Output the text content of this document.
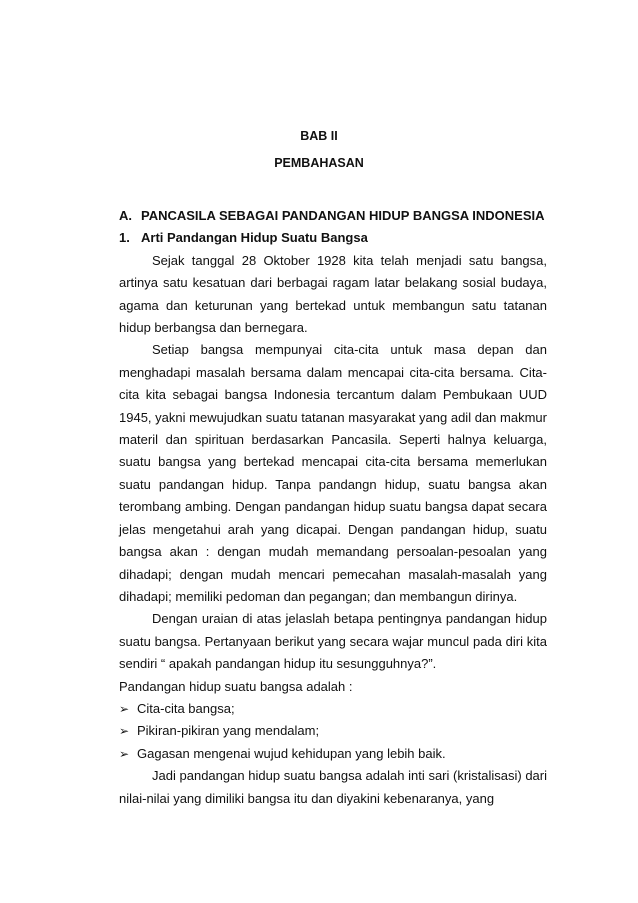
BAB II
PEMBAHASAN
A. PANCASILA SEBAGAI PANDANGAN HIDUP BANGSA INDONESIA
1. Arti Pandangan Hidup Suatu Bangsa

Sejak tanggal 28 Oktober 1928 kita telah menjadi satu bangsa, artinya satu kesatuan dari berbagai ragam latar belakang sosial budaya, agama dan keturunan yang bertekad untuk membangun satu tatanan hidup berbangsa dan bernegara.

Setiap bangsa mempunyai cita-cita untuk masa depan dan menghadapi masalah bersama dalam mencapai cita-cita bersama. Cita-cita kita sebagai bangsa Indonesia tercantum dalam Pembukaan UUD 1945, yakni mewujudkan suatu tatanan masyarakat yang adil dan makmur materil dan spirituan berdasarkan Pancasila. Seperti halnya keluarga, suatu bangsa yang bertekad mencapai cita-cita bersama memerlukan suatu pandangan hidup. Tanpa pandangn hidup, suatu bangsa akan terombang ambing. Dengan pandangan hidup suatu bangsa dapat secara jelas mengetahui arah yang dicapai. Dengan pandangan hidup, suatu bangsa akan : dengan mudah memandang persoalan-pesoalan yang dihadapi; dengan mudah mencari pemecahan masalah-masalah yang dihadapi; memiliki pedoman dan pegangan; dan membangun dirinya.

Dengan uraian di atas jelaslah betapa pentingnya pandangan hidup suatu bangsa. Pertanyaan berikut yang secara wajar muncul pada diri kita sendiri “ apakah pandangan hidup itu sesungguhnya?”.

Pandangan hidup suatu bangsa adalah :

➢ Cita-cita bangsa;
➢ Pikiran-pikiran yang mendalam;
➢ Gagasan mengenai wujud kehidupan yang lebih baik.

Jadi pandangan hidup suatu bangsa adalah inti sari (kristalisasi) dari nilai-nilai yang dimiliki bangsa itu dan diyakini kebenaranya, yang
